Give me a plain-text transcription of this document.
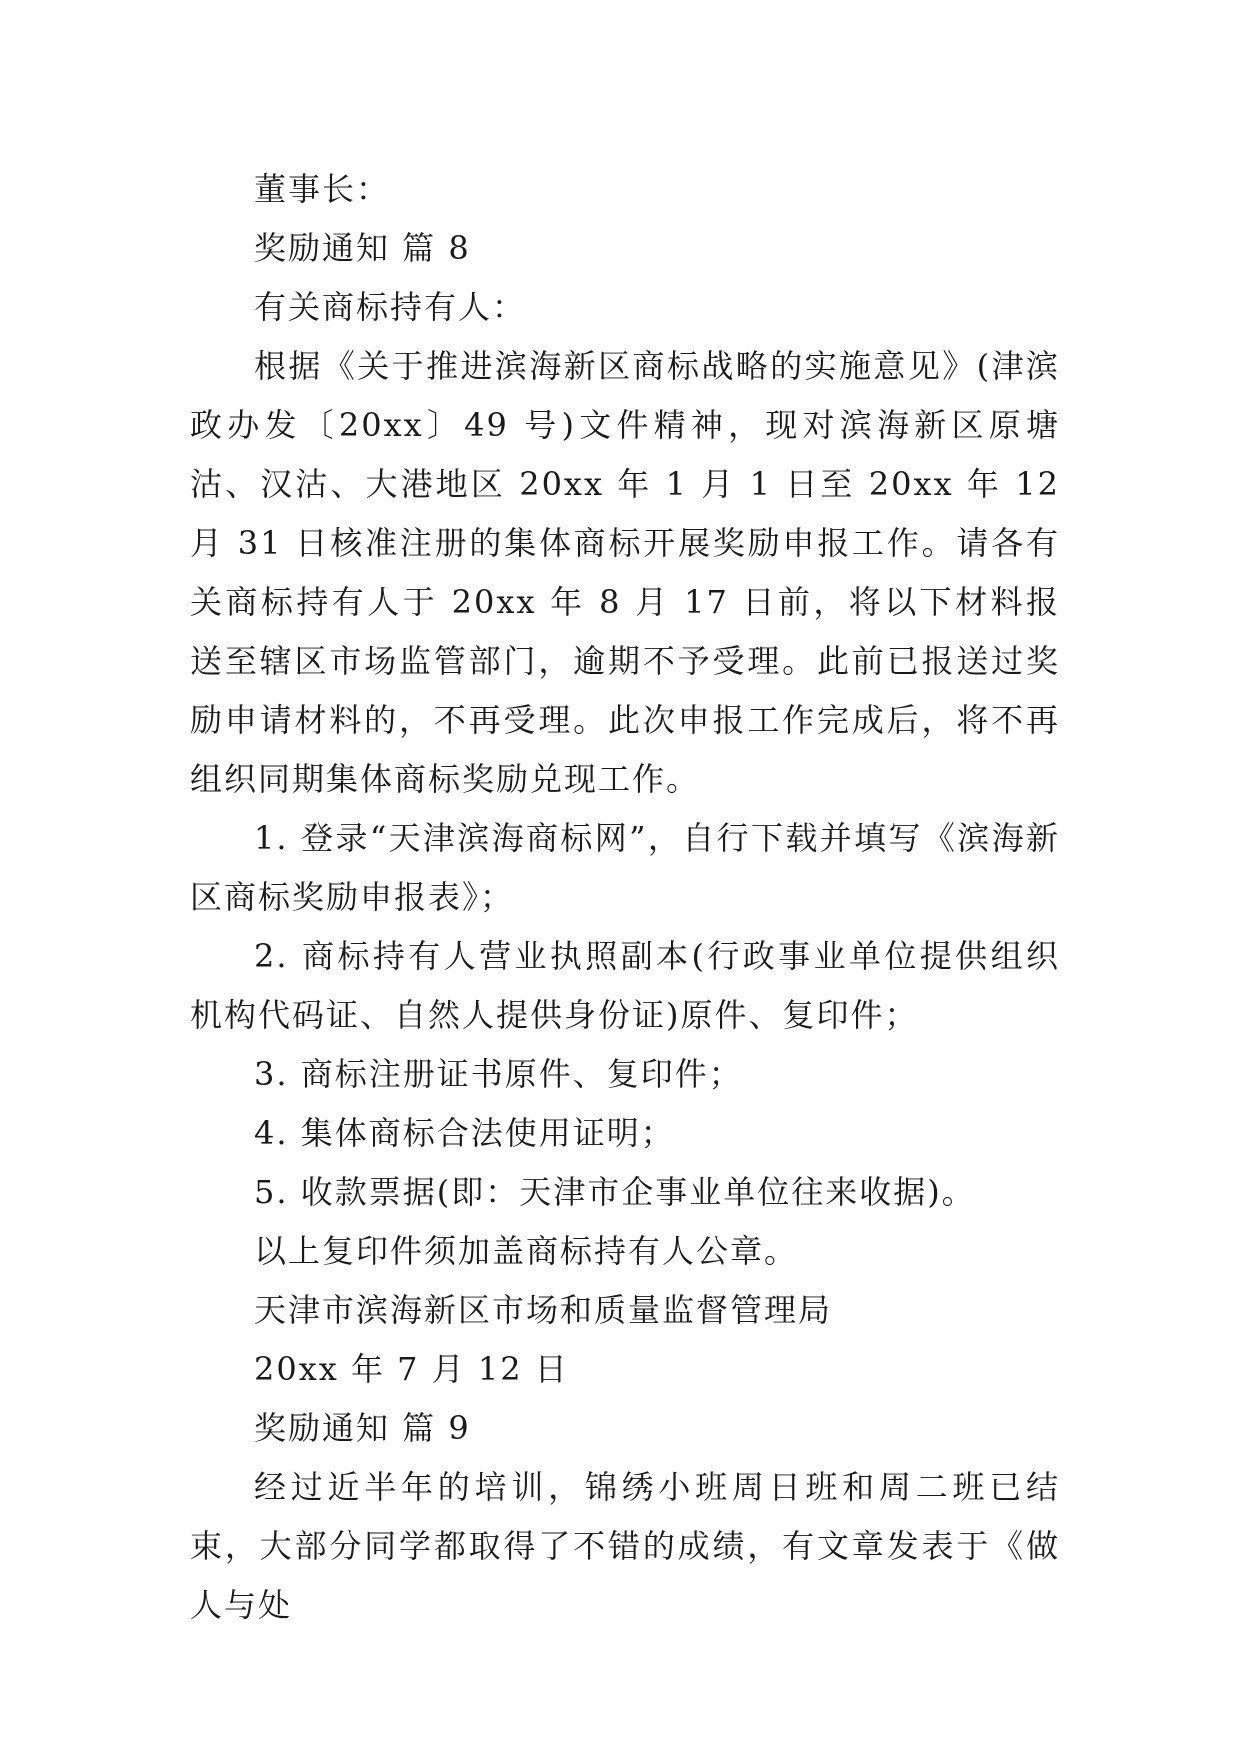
董事长：

奖励通知 篇 8

有关商标持有人：

根据《关于推进滨海新区商标战略的实施意见》(津滨政办发〔20xx〕49 号)文件精神，现对滨海新区原塘沽、汉沽、大港地区 20xx 年 1 月 1 日至 20xx 年 12 月 31 日核准注册的集体商标开展奖励申报工作。请各有关商标持有人于 20xx 年 8 月 17 日前，将以下材料报送至辖区市场监管部门，逾期不予受理。此前已报送过奖励申请材料的，不再受理。此次申报工作完成后，将不再组织同期集体商标奖励兑现工作。

1. 登录“天津滨海商标网”，自行下载并填写《滨海新区商标奖励申报表》；

2. 商标持有人营业执照副本(行政事业单位提供组织机构代码证、自然人提供身份证)原件、复印件；

3. 商标注册证书原件、复印件；

4. 集体商标合法使用证明；

5. 收款票据(即：天津市企事业单位往来收据)。

以上复印件须加盖商标持有人公章。

天津市滨海新区市场和质量监督管理局

20xx 年 7 月 12 日

奖励通知 篇 9

经过近半年的培训，锦绣小班周日班和周二班已结束，大部分同学都取得了不错的成绩，有文章发表于《做人与处
